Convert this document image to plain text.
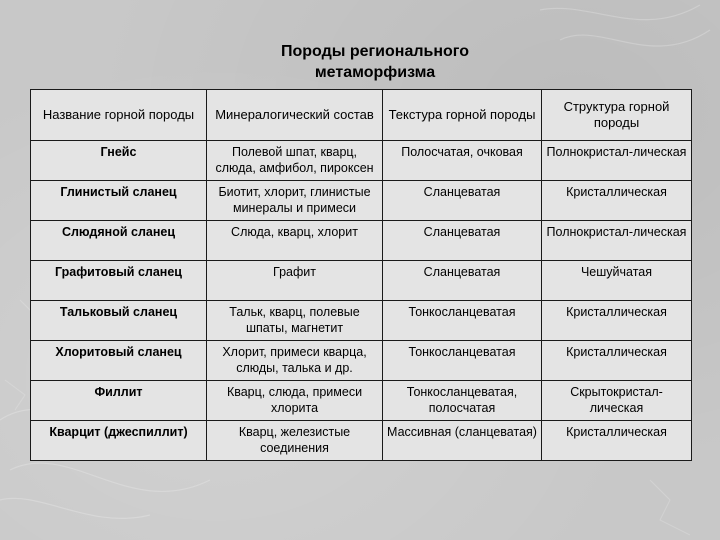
Породы регионального
метаморфизма
Название горной породы	Минералогический состав	Текстура горной породы	Структура горной породы
Гнейс	Полевой шпат, кварц, слюда, амфибол, пироксен	Полосчатая, очковая	Полнокристал-лическая
Глинистый сланец	Биотит, хлорит, глинистые минералы и примеси	Сланцеватая	Кристаллическая
Слюдяной сланец	Слюда, кварц, хлорит	Сланцеватая	Полнокристал-лическая
Графитовый сланец	Графит	Сланцеватая	Чешуйчатая
Тальковый сланец	Тальк, кварц, полевые шпаты, магнетит	Тонкосланцеватая	Кристаллическая
Хлоритовый сланец	Хлорит, примеси кварца, слюды, талька и др.	Тонкосланцеватая	Кристаллическая
Филлит	Кварц, слюда, примеси хлорита	Тонкосланцеватая, полосчатая	Скрытокристал-лическая
Кварцит (джеспиллит)	Кварц, железистые соединения	Массивная (сланцеватая)	Кристаллическая
